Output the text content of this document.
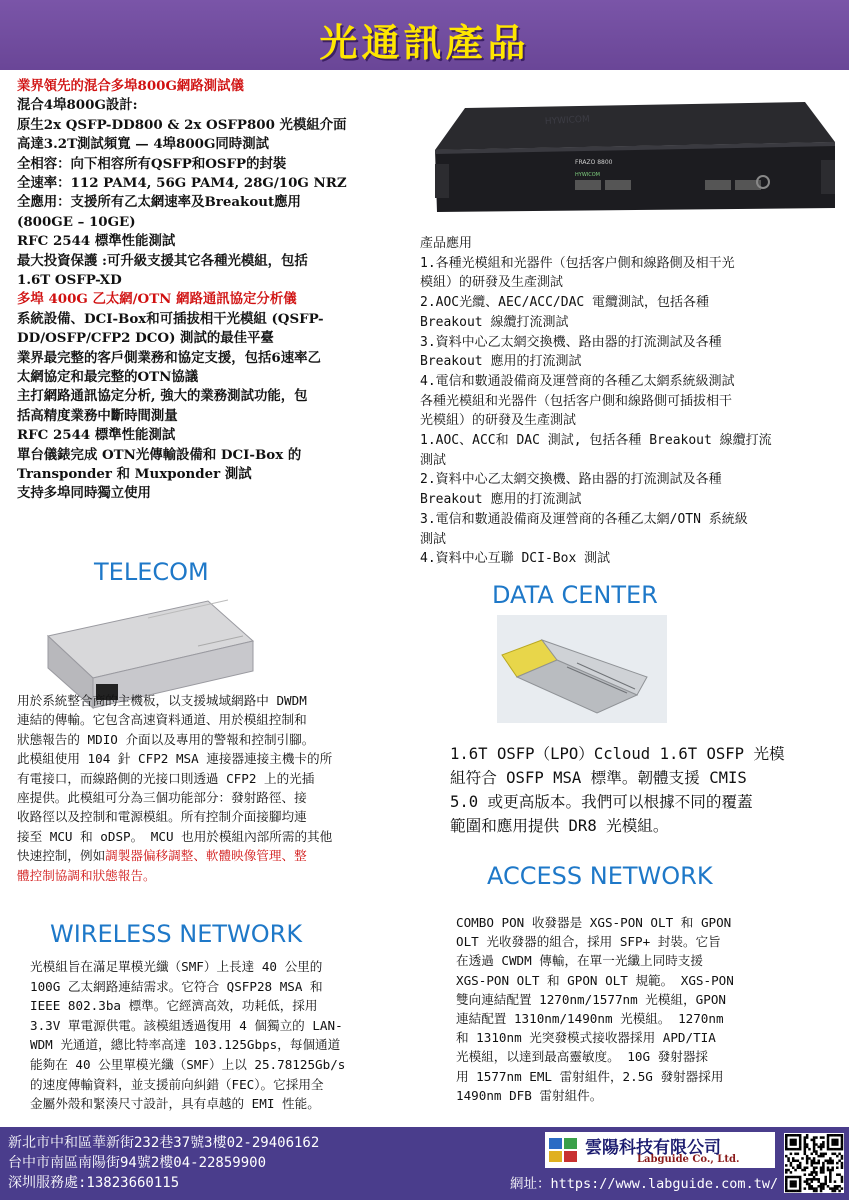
光通訊產品
業界領先的混合多埠800G網路測試儀
混合4埠800G設計:
原生2x QSFP-DD800 & 2x OSFP800 光模組介面
高達3.2T測試頻寬 — 4埠800G同時測試
全相容：向下相容所有QSFP和OSFP的封裝
全速率：112 PAM4, 56G PAM4, 28G/10G NRZ
全應用：支援所有乙太網速率及Breakout應用
(800GE – 10GE)
RFC 2544 標準性能測試
最大投資保護 :可升級支援其它各種光模組，包括
1.6T OSFP-XD
多埠 400G 乙太網/OTN 網路通訊協定分析儀
系統設備、DCI-Box和可插拔相干光模組 (QSFP-
DD/OSFP/CFP2 DCO) 測試的最佳平臺
業界最完整的客戶側業務和協定支援，包括6速率乙
太網協定和最完整的OTN協議
主打網路通訊協定分析, 強大的業務測試功能，包
括高精度業務中斷時間測量
RFC 2544 標準性能測試
單台儀錶完成 OTN光傳輸設備和 DCI-Box 的
Transponder 和 Muxponder 測試
支持多埠同時獨立使用
FRAZO 8800
HYWICOM
HYWICOM
產品應用
1.各種光模組和光器件（包括客户側和線路側及相干光
模組）的研發及生產測試
2.AOC光纜、AEC/ACC/DAC 電纜測試，包括各種
Breakout 線纜打流測試
3.資料中心乙太網交換機、路由器的打流測試及各種
Breakout 應用的打流測試
4.電信和數通設備商及運營商的各種乙太網系統級測試
各種光模組和光器件（包括客户側和線路側可插拔相干
光模組）的研發及生產測試
1.AOC、ACC和 DAC 測試, 包括各種 Breakout 線纜打流
測試
2.資料中心乙太網交換機、路由器的打流測試及各種
Breakout 應用的打流測試
3.電信和數通設備商及運營商的各種乙太網/OTN 系統級
測試
4.資料中心互聯 DCI-Box 測試
TELECOM
用於系統整合商的主機板，以支援城域網路中 DWDM
連結的傳輸。它包含高速資料通道、用於模組控制和
狀態報告的 MDIO 介面以及專用的警報和控制引腳。
此模組使用 104 針 CFP2 MSA 連接器連接主機卡的所
有電接口，而線路側的光接口則透過 CFP2 上的光插
座提供。此模組可分為三個功能部分：發射路徑、接
收路徑以及控制和電源模組。所有控制介面接腳均連
接至 MCU 和 oDSP。 MCU 也用於模組內部所需的其他
快速控制，例如調製器偏移調整、軟體映像管理、整
體控制協調和狀態報告。
DATA CENTER
1.6T OSFP（LPO）Ccloud 1.6T OSFP 光模
組符合 OSFP MSA 標準。韌體支援 CMIS
5.0 或更高版本。我們可以根據不同的覆蓋
範圍和應用提供 DR8 光模組。
ACCESS NETWORK
COMBO PON 收發器是 XGS-PON OLT 和 GPON
OLT 光收發器的組合，採用 SFP+ 封裝。它旨
在透過 CWDM 傳輸，在單一光纖上同時支援
XGS-PON OLT 和 GPON OLT 規範。 XGS-PON
雙向連結配置 1270nm/1577nm 光模組，GPON
連結配置 1310nm/1490nm 光模組。 1270nm
和 1310nm 光突發模式接收器採用 APD/TIA
光模組，以達到最高靈敏度。 10G 發射器採
用 1577nm EML 雷射組件，2.5G 發射器採用
1490nm DFB 雷射組件。
WIRELESS NETWORK
光模組旨在滿足單模光纖（SMF）上長達 40 公里的
100G 乙太網路連結需求。它符合 QSFP28 MSA 和
IEEE 802.3ba 標準。它經濟高效，功耗低，採用
3.3V 單電源供電。該模組透過復用 4 個獨立的 LAN-
WDM 光通道，總比特率高達 103.125Gbps，每個通道
能夠在 40 公里單模光纖（SMF）上以 25.78125Gb/s
的速度傳輸資料，並支援前向糾錯（FEC）。它採用全
金屬外殼和緊湊尺寸設計，具有卓越的 EMI 性能。
新北市中和區華新街232巷37號3樓02-29406162
台中市南區南陽街94號2樓04-22859900
深圳服務處:13823660115
雲陽科技有限公司
Labguide Co., Ltd.
網址：https://www.labguide.com.tw/
